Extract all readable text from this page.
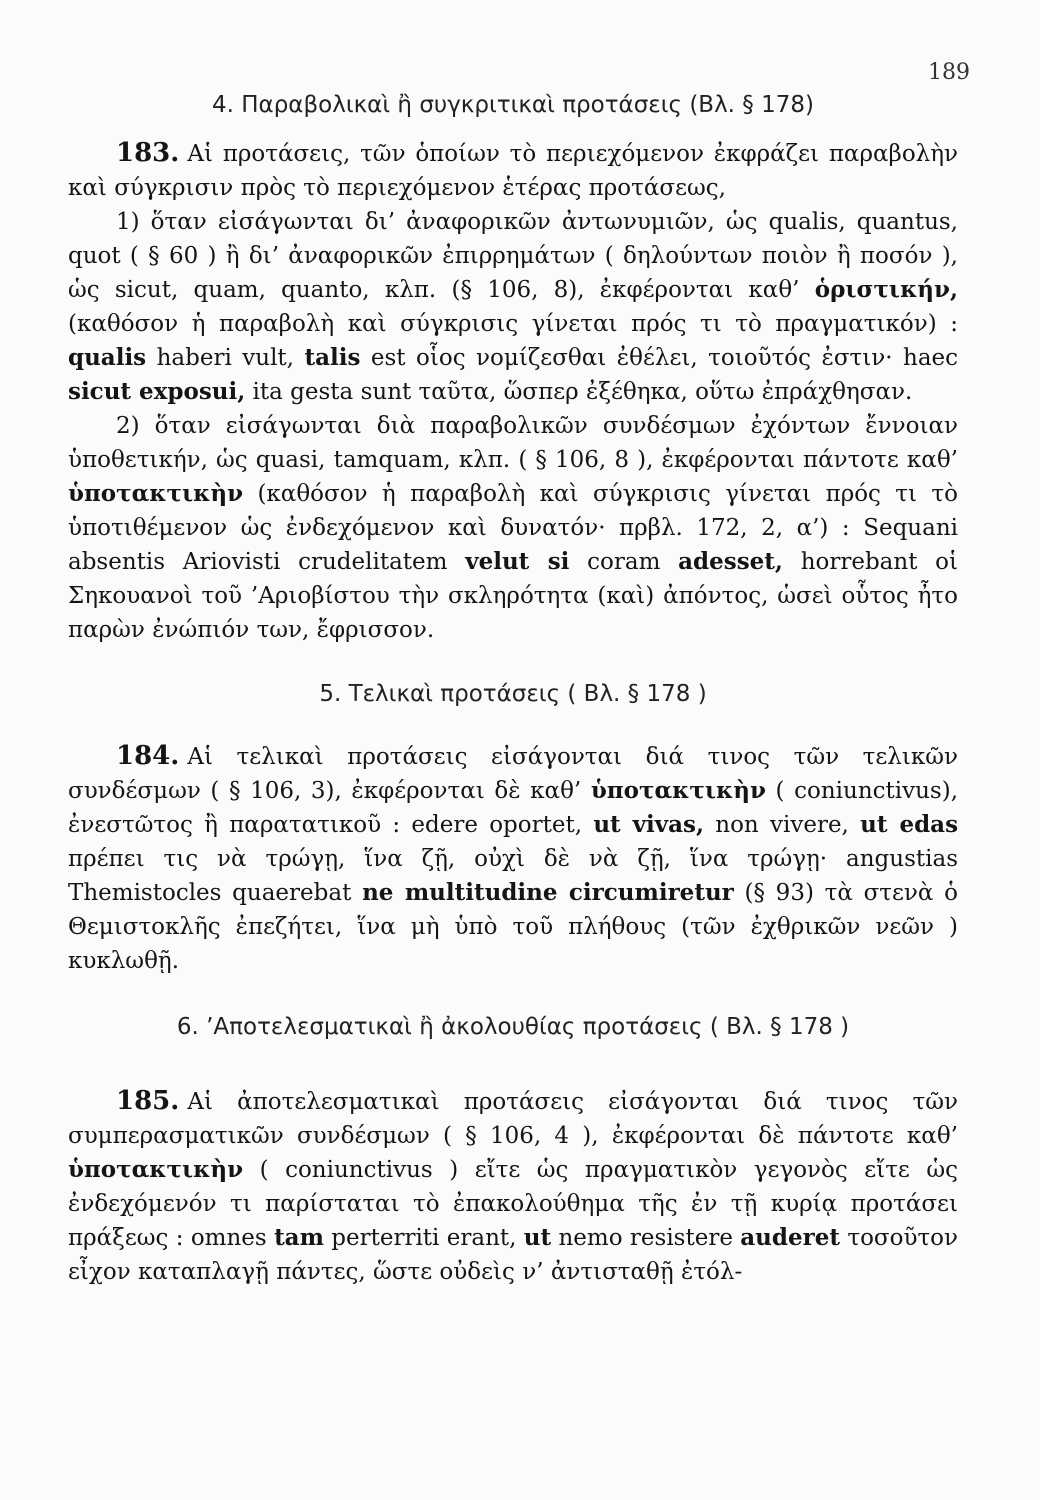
189
4. Παραβολικαὶ ἢ συγκριτικαὶ προτάσεις (Βλ. § 178)

183. Αἱ προτάσεις, τῶν ὁποίων τὸ περιεχόμενον ἐκφράζει παραβολὴν καὶ σύγκρισιν πρὸς τὸ περιεχόμενον ἑτέρας προτάσεως,

1) ὅταν εἰσάγωνται δι’ ἀναφορικῶν ἀντωνυμιῶν, ὡς qualis, quantus, quot ( § 60 ) ἢ δι’ ἀναφορικῶν ἐπιρρημάτων ( δηλούντων ποιὸν ἢ ποσόν ), ὡς sicut, quam, quanto, κλπ. (§ 106, 8), ἐκφέρονται καθ’ ὁριστικήν, (καθόσον ἡ παραβολὴ καὶ σύγκρισις γίνεται πρός τι τὸ πραγματικόν) : qualis haberi vult, talis est οἷος νομίζεσθαι ἐθέλει, τοιοῦτός ἐστιν· haec sicut exposui, ita gesta sunt ταῦτα, ὥσπερ ἐξέθηκα, οὕτω ἐπράχθησαν.

2) ὅταν εἰσάγωνται διὰ παραβολικῶν συνδέσμων ἐχόντων ἔννοιαν ὑποθετικήν, ὡς quasi, tamquam, κλπ. ( § 106, 8 ), ἐκφέρονται πάντοτε καθ’ ὑποτακτικὴν (καθόσον ἡ παραβολὴ καὶ σύγκρισις γίνεται πρός τι τὸ ὑποτιθέμενον ὡς ἐνδεχόμενον καὶ δυνατόν· πρβλ. 172, 2, α’) : Sequani absentis Ariovisti crudelitatem velut si coram adesset, horrebant οἱ Σηκουανοὶ τοῦ ’Αριοβίστου τὴν σκληρότητα (καὶ) ἀπόντος, ὡσεὶ οὗτος ἦτο παρὼν ἐνώπιόν των, ἔφρισσον.

5. Τελικαὶ προτάσεις ( Βλ. § 178 )

184. Αἱ τελικαὶ προτάσεις εἰσάγονται διά τινος τῶν τελικῶν συνδέσμων ( § 106, 3), ἐκφέρονται δὲ καθ’ ὑποτακτικὴν ( coniunctivus), ἐνεστῶτος ἢ παρατατικοῦ : edere oportet, ut vivas, non vivere, ut edas πρέπει τις νὰ τρώγῃ, ἵνα ζῇ, οὐχὶ δὲ νὰ ζῇ, ἵνα τρώγῃ· angustias Themistocles quaerebat ne multitudine circumiretur (§ 93) τὰ στενὰ ὁ Θεμιστοκλῆς ἐπεζήτει, ἵνα μὴ ὑπὸ τοῦ πλήθους (τῶν ἐχθρικῶν νεῶν ) κυκλωθῇ.

6. ’Αποτελεσματικαὶ ἢ ἀκολουθίας προτάσεις ( Βλ. § 178 )

185. Αἱ ἀποτελεσματικαὶ προτάσεις εἰσάγονται διά τινος τῶν συμπερασματικῶν συνδέσμων ( § 106, 4 ), ἐκφέρονται δὲ πάντοτε καθ’ ὑποτακτικὴν ( coniunctivus ) εἴτε ὡς πραγματικὸν γεγονὸς εἴτε ὡς ἐνδεχόμενόν τι παρίσταται τὸ ἐπακολούθημα τῆς ἐν τῇ κυρίᾳ προτάσει πράξεως : omnes tam perterriti erant, ut nemo resistere auderet τοσοῦτον εἶχον καταπλαγῇ πάντες, ὥστε οὐδεὶς ν’ ἀντισταθῇ ἐτόλ-
